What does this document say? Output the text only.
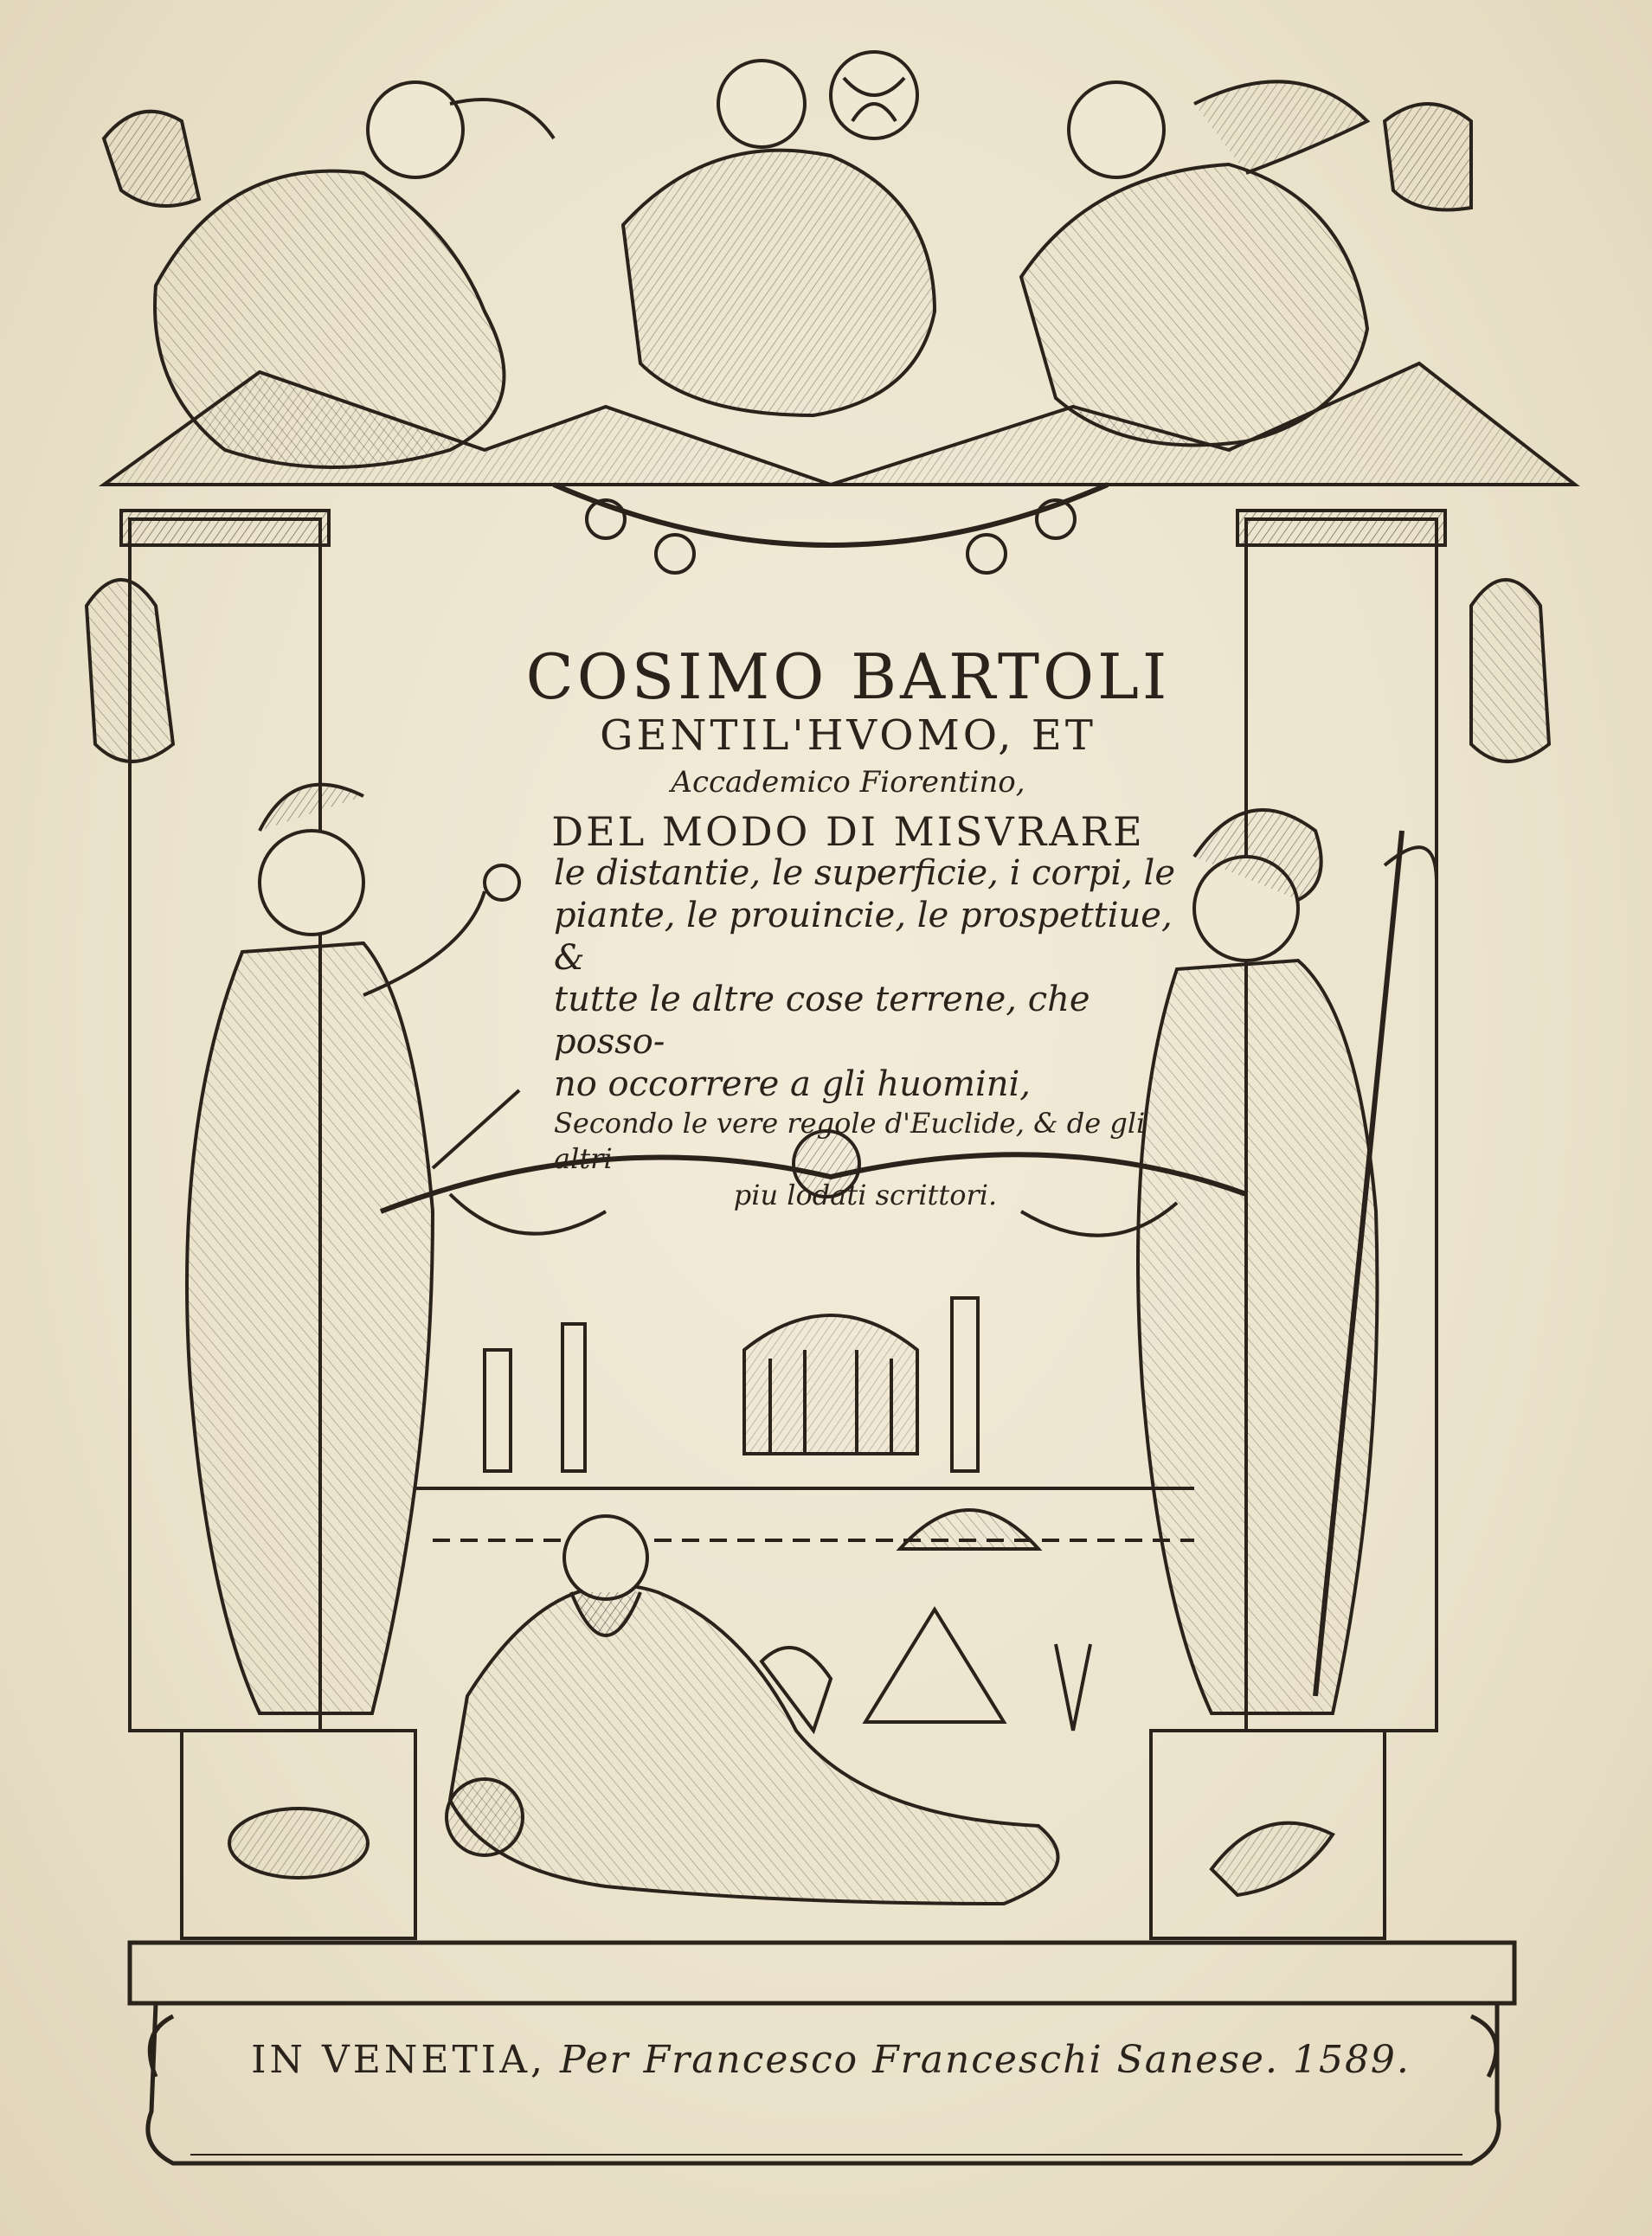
COSIMO BARTOLI
GENTIL'HVOMO, ET
Accademico Fiorentino,
DEL MODO DI MISVRARE
le distantie, le superficie, i corpi, le
piante, le prouincie, le prospettiue, &
tutte le altre cose terrene, che posso-
no occorrere a gli huomini,
Secondo le vere regole d'Euclide, & de gli altri
piu lodati scrittori.
IN VENETIA, Per Francesco Franceschi Sanese. 1589.
